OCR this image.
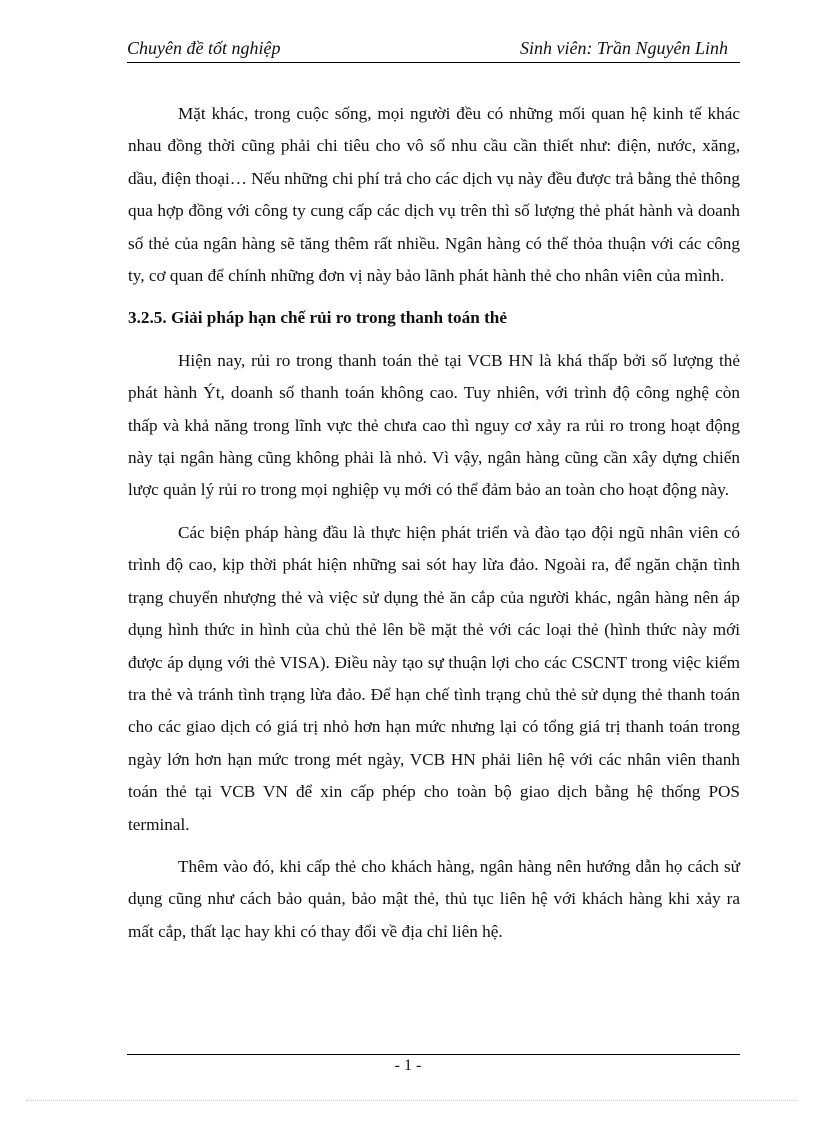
Chuyên đề tốt nghiệp	Sinh viên: Trần Nguyên Linh

Mặt khác, trong cuộc sống, mọi người đều có những mối quan hệ kinh tế khác nhau đồng thời cũng phải chi tiêu cho vô số nhu cầu cần thiết như: điện, nước, xăng, dầu, điện thoại… Nếu những chi phí trả cho các dịch vụ này đều được trả bằng thẻ thông qua hợp đồng với công ty cung cấp các dịch vụ trên thì số lượng thẻ phát hành và doanh số thẻ của ngân hàng sẽ tăng thêm rất nhiều. Ngân hàng có thể thỏa thuận với các công ty, cơ quan để chính những đơn vị này bảo lãnh phát hành thẻ cho nhân viên của mình.

3.2.5. Giải pháp hạn chế rủi ro trong thanh toán thẻ

Hiện nay, rủi ro trong thanh toán thẻ tại VCB HN là khá thấp bởi số lượng thẻ phát hành Ýt, doanh số thanh toán không cao. Tuy nhiên, với trình độ công nghệ còn thấp và khả năng trong lĩnh vực thẻ chưa cao thì nguy cơ xảy ra rủi ro trong hoạt động này tại ngân hàng cũng không phải là nhỏ. Vì vậy, ngân hàng cũng cần xây dựng chiến lược quản lý rủi ro trong mọi nghiệp vụ mới có thể đảm bảo an toàn cho hoạt động này.

Các biện pháp hàng đầu là thực hiện phát triển và đào tạo đội ngũ nhân viên có trình độ cao, kịp thời phát hiện những sai sót hay lừa đảo. Ngoài ra, để ngăn chặn tình trạng chuyển nhượng thẻ và việc sử dụng thẻ ăn cắp của người khác, ngân hàng nên áp dụng hình thức in hình của chủ thẻ lên bề mặt thẻ với các loại thẻ (hình thức này mới được áp dụng với thẻ VISA). Điều này tạo sự thuận lợi cho các CSCNT trong việc kiểm tra thẻ và tránh tình trạng lừa đảo. Để hạn chế tình trạng chủ thẻ sử dụng thẻ thanh toán cho các giao dịch có giá trị nhỏ hơn hạn mức nhưng lại có tổng giá trị thanh toán trong ngày lớn hơn hạn mức trong mét ngày, VCB HN phải liên hệ với các nhân viên thanh toán thẻ tại VCB VN để xin cấp phép cho toàn bộ giao dịch bằng hệ thống POS terminal.

Thêm vào đó, khi cấp thẻ cho khách hàng, ngân hàng nên hướng dẫn họ cách sử dụng cũng như cách bảo quản, bảo mật thẻ, thủ tục liên hệ với khách hàng khi xảy ra mất cắp, thất lạc hay khi có thay đổi về địa chỉ liên hệ.

- 1 -
